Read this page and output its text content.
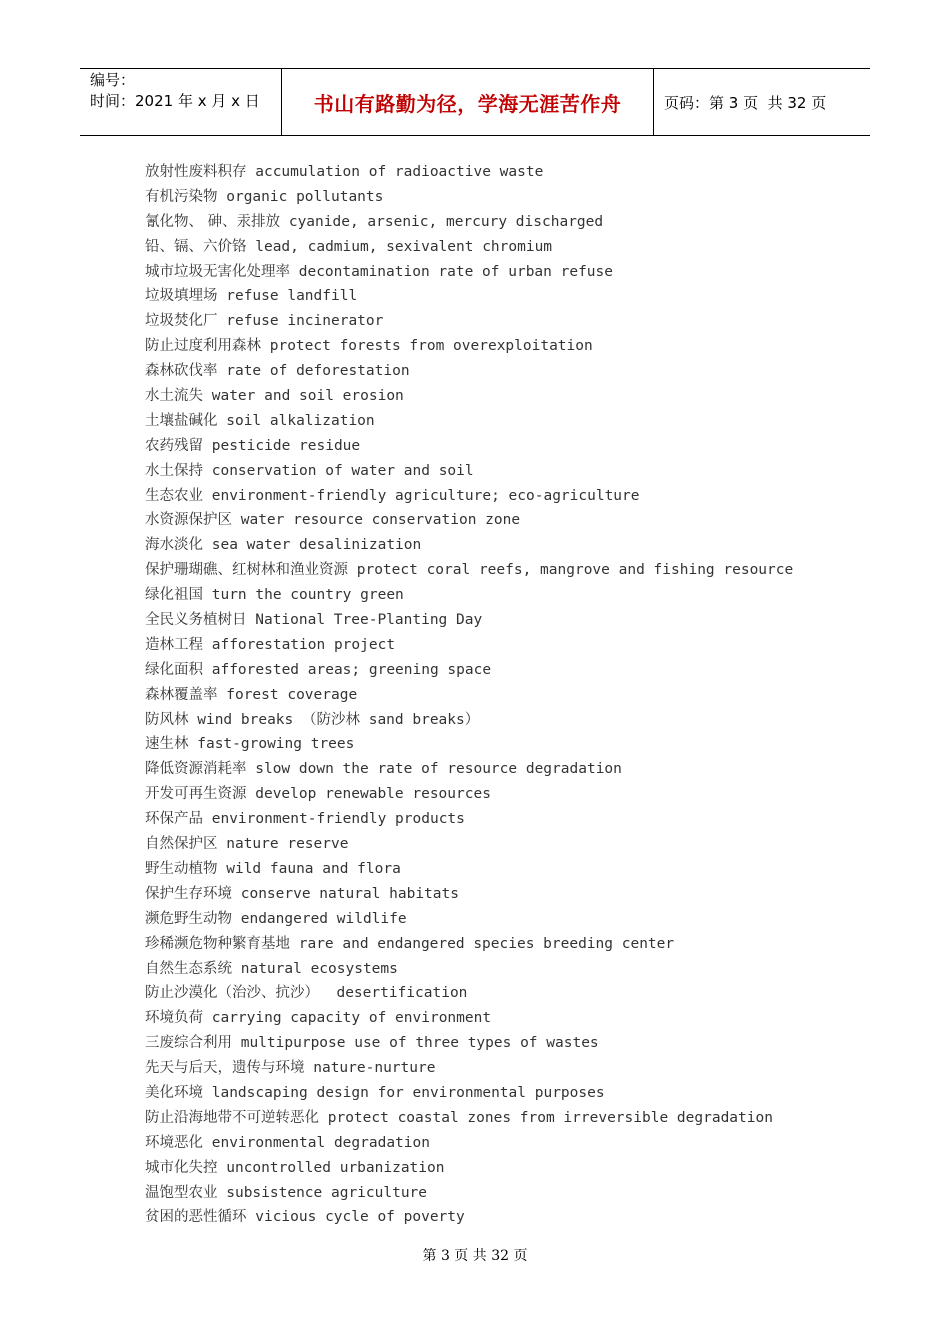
编号：
时间：2021 年 x 月 x 日	书山有路勤为径，学海无涯苦作舟	页码：第 3 页  共 32 页
放射性废料积存 accumulation of radioactive waste
有机污染物 organic pollutants
氰化物、 砷、汞排放 cyanide, arsenic, mercury discharged
铅、镉、六价铬 lead, cadmium, sexivalent chromium
城市垃圾无害化处理率 decontamination rate of urban refuse
垃圾填埋场 refuse landfill
垃圾焚化厂 refuse incinerator
防止过度利用森林 protect forests from overexploitation
森林砍伐率 rate of deforestation
水土流失 water and soil erosion
土壤盐碱化 soil alkalization
农药残留 pesticide residue
水土保持 conservation of water and soil
生态农业 environment-friendly agriculture; eco-agriculture
水资源保护区 water resource conservation zone
海水淡化 sea water desalinization
保护珊瑚礁、红树林和渔业资源 protect coral reefs, mangrove and fishing resource
绿化祖国 turn the country green
全民义务植树日 National Tree-Planting Day
造林工程 afforestation project
绿化面积 afforested areas; greening space
森林覆盖率 forest coverage
防风林 wind breaks （防沙林 sand breaks）
速生林 fast-growing trees
降低资源消耗率 slow down the rate of resource degradation
开发可再生资源 develop renewable resources
环保产品 environment-friendly products
自然保护区 nature reserve
野生动植物 wild fauna and flora
保护生存环境 conserve natural habitats
濒危野生动物 endangered wildlife
珍稀濒危物种繁育基地 rare and endangered species breeding center
自然生态系统 natural ecosystems
防止沙漠化（治沙、抗沙）  desertification
环境负荷 carrying capacity of environment
三废综合利用 multipurpose use of three types of wastes
先天与后天，遗传与环境 nature-nurture
美化环境 landscaping design for environmental purposes
防止沿海地带不可逆转恶化 protect coastal zones from irreversible degradation
环境恶化 environmental degradation
城市化失控 uncontrolled urbanization
温饱型农业 subsistence agriculture
贫困的恶性循环 vicious cycle of poverty
第 3 页 共 32 页
